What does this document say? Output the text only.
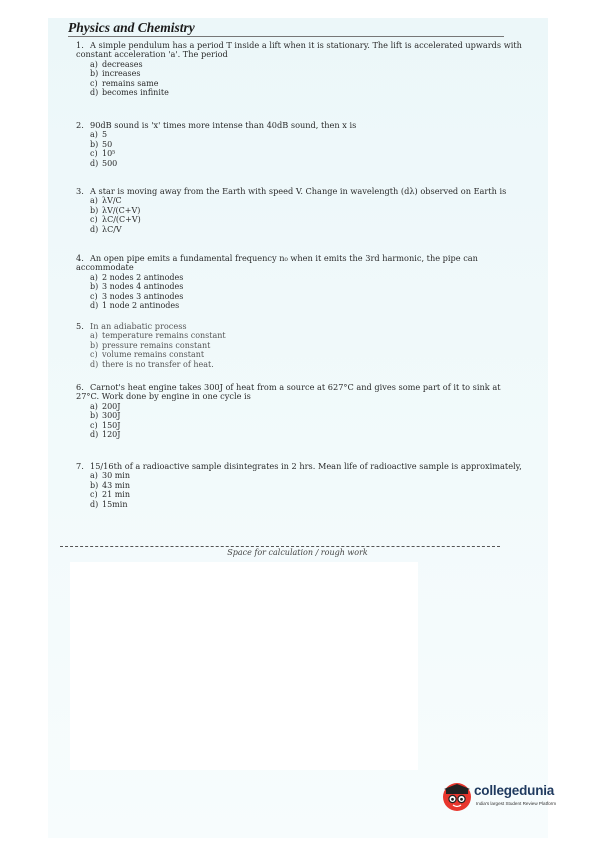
Physics and Chemistry
1. A simple pendulum has a period T inside a lift when it is stationary. The lift is accelerated upwards with constant acceleration 'a'. The period
a) decreases
b) increases
c) remains same
d) becomes infinite
2. 90dB sound is 'x' times more intense than 40dB sound, then x is
a) 5
b) 50
c) 10⁵
d) 500
3. A star is moving away from the Earth with speed V. Change in wavelength (dλ) observed on Earth is
a) λV/C
b) λV/(C+V)
c) λC/(C+V)
d) λC/V
4. An open pipe emits a fundamental frequency n₀ when it emits the 3rd harmonic, the pipe can accommodate
a) 2 nodes 2 antinodes
b) 3 nodes 4 antinodes
c) 3 nodes 3 antinodes
d) 1 node 2 antinodes
5. In an adiabatic process
a) temperature remains constant
b) pressure remains constant
c) volume remains constant
d) there is no transfer of heat.
6. Carnot's heat engine takes 300J of heat from a source at 627°C and gives some part of it to sink at 27°C. Work done by engine in one cycle is
a) 200J
b) 300J
c) 150J
d) 120J
7. 15/16th of a radioactive sample disintegrates in 2 hrs. Mean life of radioactive sample is approximately,
a) 30 min
b) 43 min
c) 21 min
d) 15min
Space for calculation / rough work
collegedunia
India's largest Student Review Platform
